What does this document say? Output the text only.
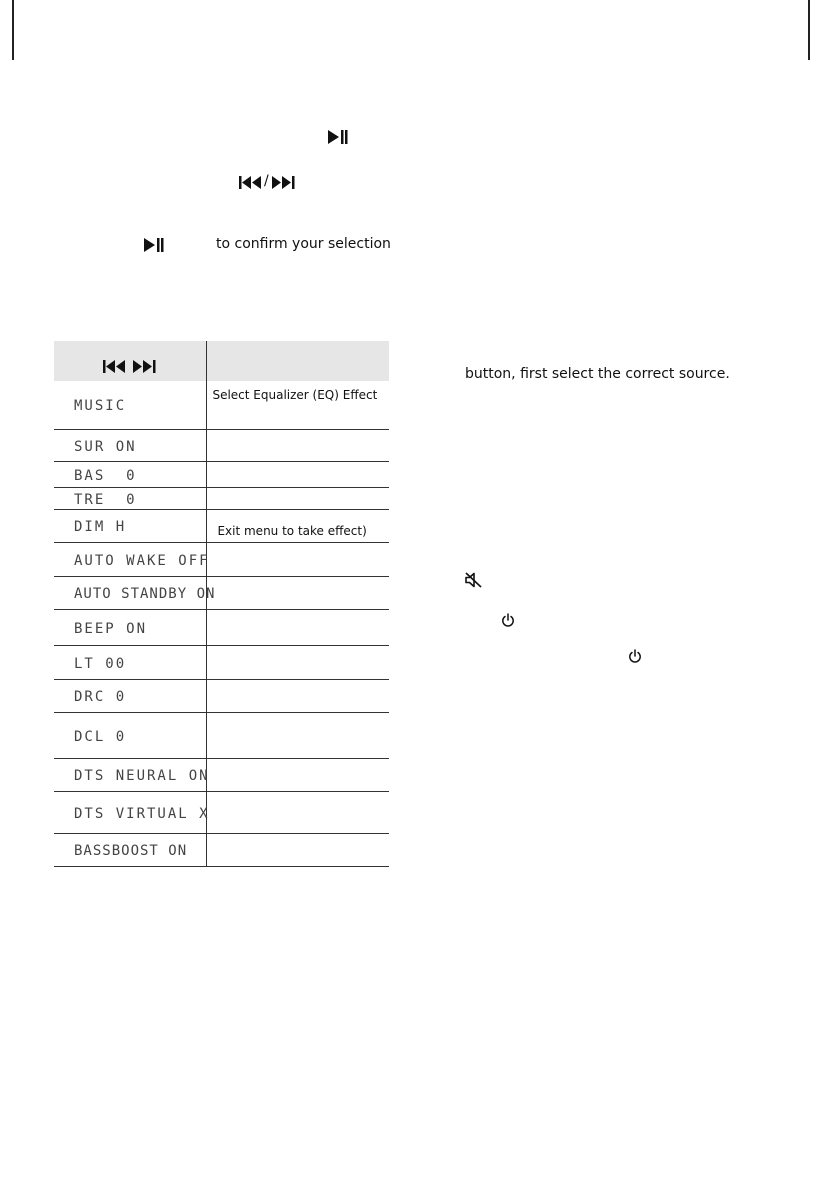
/
to confirm your selection

MUSIC	Select Equalizer (EQ) Effect
SUR ON	
BAS  0	
TRE  0	
DIM H	Exit menu to take effect)
AUTO WAKE OFF	
AUTO STANDBY ON	
BEEP ON	
LT 00	
DRC 0	
DCL 0	
DTS NEURAL ON	
DTS VIRTUAL X	
BASSBOOST ON	
button, first select the correct source.
